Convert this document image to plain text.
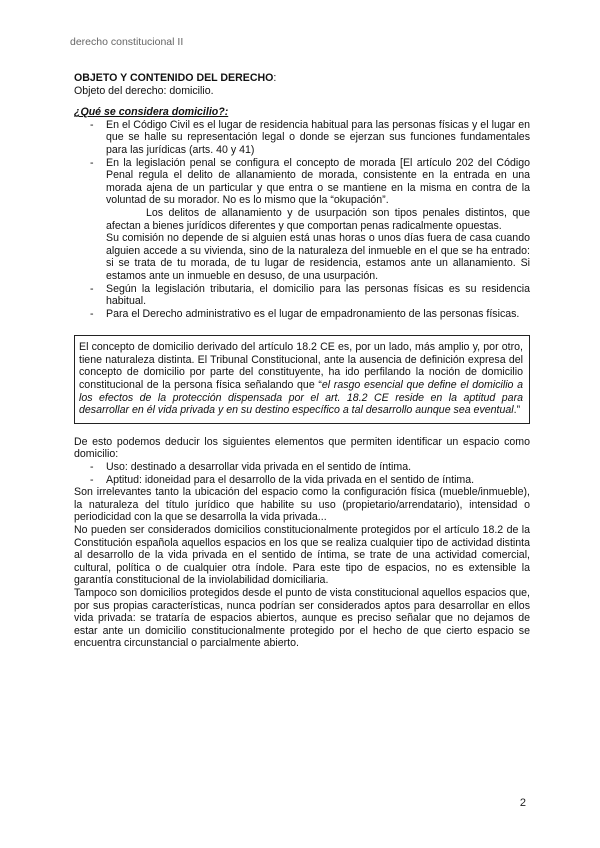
derecho constitucional II

OBJETO Y CONTENIDO DEL DERECHO:

Objeto del derecho: domicilio.

¿Qué se considera domicilio?:

- En el Código Civil es el lugar de residencia habitual para las personas físicas y el lugar en que se halle su representación legal o donde se ejerzan sus funciones fundamentales para las jurídicas (arts. 40 y 41)
- En la legislación penal se configura el concepto de morada [El artículo 202 del Código Penal regula el delito de allanamiento de morada, consistente en la entrada en una morada ajena de un particular y que entra o se mantiene en la misma en contra de la voluntad de su morador. No es lo mismo que la “okupación”.

Los delitos de allanamiento y de usurpación son tipos penales distintos, que afectan a bienes jurídicos diferentes y que comportan penas radicalmente opuestas.

Su comisión no depende de si alguien está unas horas o unos días fuera de casa cuando alguien accede a su vivienda, sino de la naturaleza del inmueble en el que se ha entrado: si se trata de tu morada, de tu lugar de residencia, estamos ante un allanamiento. Si estamos ante un inmueble en desuso, de una usurpación.

- Según la legislación tributaria, el domicilio para las personas físicas es su residencia habitual.
- Para el Derecho administrativo es el lugar de empadronamiento de las personas físicas.
El concepto de domicilio derivado del artículo 18.2 CE es, por un lado, más amplio y, por otro, tiene naturaleza distinta. El Tribunal Constitucional, ante la ausencia de definición expresa del concepto de domicilio por parte del constituyente, ha ido perfilando la noción de domicilio constitucional de la persona física señalando que “el rasgo esencial que define el domicilio a los efectos de la protección dispensada por el art. 18.2 CE reside en la aptitud para desarrollar en él vida privada y en su destino específico a tal desarrollo aunque sea eventual.”

De esto podemos deducir los siguientes elementos que permiten identificar un espacio como domicilio:

- Uso: destinado a desarrollar vida privada en el sentido de íntima.
- Aptitud: idoneidad para el desarrollo de la vida privada en el sentido de íntima.

Son irrelevantes tanto la ubicación del espacio como la configuración física (mueble/inmueble), la naturaleza del título jurídico que habilite su uso (propietario/arrendatario), intensidad o periodicidad con la que se desarrolla la vida privada...

No pueden ser considerados domicilios constitucionalmente protegidos por el artículo 18.2 de la Constitución española aquellos espacios en los que se realiza cualquier tipo de actividad distinta al desarrollo de la vida privada en el sentido de íntima, se trate de una actividad comercial, cultural, política o de cualquier otra índole. Para este tipo de espacios, no es extensible la garantía constitucional de la inviolabilidad domiciliaria.

Tampoco son domicilios protegidos desde el punto de vista constitucional aquellos espacios que, por sus propias características, nunca podrían ser considerados aptos para desarrollar en ellos vida privada: se trataría de espacios abiertos, aunque es preciso señalar que no dejamos de estar ante un domicilio constitucionalmente protegido por el hecho de que cierto espacio se encuentra circunstancial o parcialmente abierto.

2
